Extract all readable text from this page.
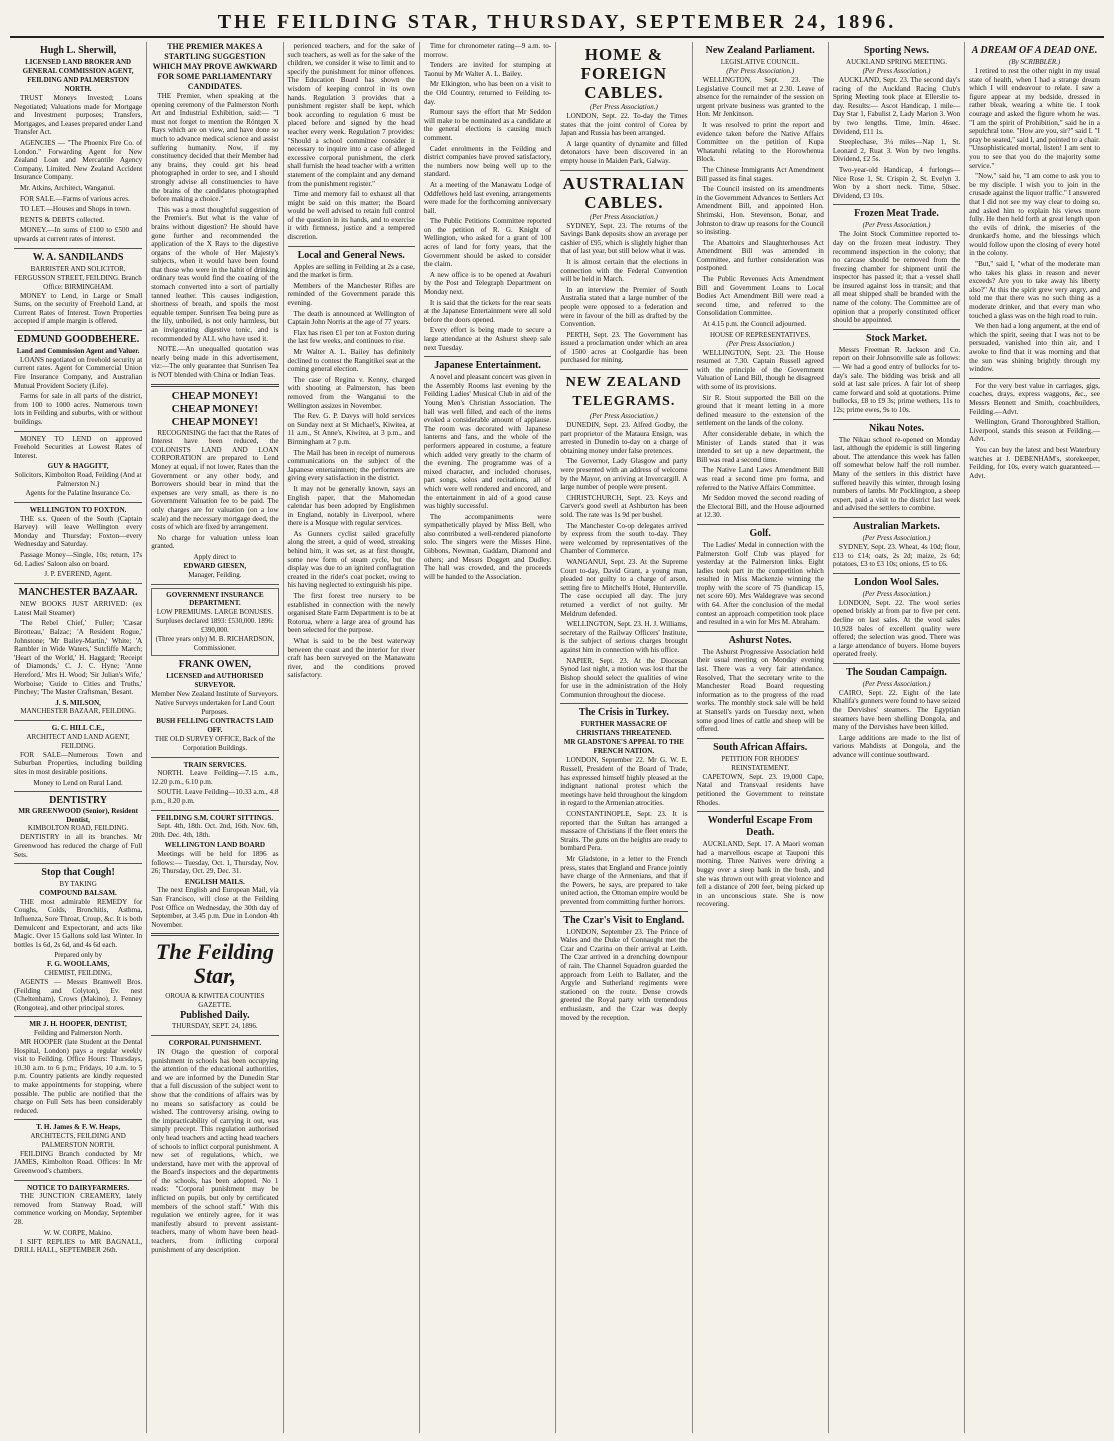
THE FEILDING STAR, THURSDAY, SEPTEMBER 24, 1896.
Hugh L. Sherwill,
LICENSED LAND BROKER AND GENERAL COMMISSION AGENT, FEILDING AND PALMERSTON NORTH.

TRUST Moneys Invested; Loans Negotiated; Valuations made for Mortgage and Investment purposes; Transfers, Mortgages, and Leases prepared under Land Transfer Act.

AGENCIES — "The Phoenix Fire Co. of London." Forwarding Agent for New Zealand Loan and Mercantile Agency Company, Limited. New Zealand Accident Insurance Company.

Mr. Atkins, Architect, Wanganui.

FOR SALE.—Farms of various acres.

TO LET.—Houses and Shops in town.

RENTS & DEBTS collected.

MONEY.—In sums of £100 to £500 and upwards at current rates of interest.

W. A. SANDILANDS
BARRISTER AND SOLICITOR, FERGUSSON STREET, FEILDING. Branch Office: BIRMINGHAM.

MONEY to Lend, in Large or Small Sums, on the security of Freehold Land, at Current Rates of Interest. Town Properties accepted if ample margin is offered.

EDMUND GOODBEHERE.
Land and Commission Agent and Valuer.

LOANS negotiated on freehold security at current rates. Agent for Commercial Union Fire Insurance Company, and Australian Mutual Provident Society (Life).

Farms for sale in all parts of the district, from 100 to 1000 acres. Numerous town lots in Feilding and suburbs, with or without buildings.

MONEY TO LEND on approved Freehold Securities at Lowest Rates of Interest.

GUY & HAGGITT,
Solicitors, Kimbolton Road, Feilding (And at Palmerston N.)
Agents for the Palatine Insurance Co.
WELLINGTON TO FOXTON.

THE s.s. Queen of the South (Captain Harvey) will leave Wellington every Monday and Thursday; Foxton—every Wednesday and Saturday.

Passage Money—Single, 10s; return, 17s 6d. Ladies' Saloon also on board.

J. P. EVEREND, Agent.
MANCHESTER BAZAAR.

NEW BOOKS JUST ARRIVED: (ex Latest Mail Steamer)

'The Rebel Chief,' Fuller; 'Cæsar Birotteau,' Balzac; 'A Resident Rogue,' Johnstone; 'Mr Bailey-Martin,' White; 'A Rambler in Wide Waters,' Sutcliffe March; 'Heart of the World,' H. Haggard; 'Receipt of Diamonds,' C. J. C. Hyne; 'Anne Hereford,' Mrs H. Wood; 'Sir Julian's Wife,' Worboise; 'Guide to Cities and Truths,' Pinchey; 'The Master Craftsman,' Besant.

J. S. MILSON,
MANCHESTER BAZAAR, FEILDING.
G. C. HILL C.E.,
ARCHITECT AND LAND AGENT, FEILDING.

FOR SALE—Numerous Town and Suburban Properties, including building sites in most desirable positions.

Money to Lend on Rural Land.
DENTISTRY
MR GREENWOOD (Senior), Resident Dentist,
KIMBOLTON ROAD, FEILDING.

DENTISTRY in all its branches. Mr Greenwood has reduced the charge of Full Sets.

Stop that Cough!
BY TAKING
COMPOUND BALSAM.

THE most admirable REMEDY for Coughs, Colds, Bronchitis, Asthma, Influenza, Sore Throat, Croup, &c. It is both Demulcent and Expectorant, and acts like Magic. Over 15 Gallons sold last Winter. In bottles 1s 6d, 2s 6d, and 4s 6d each.

Prepared only by
F. G. WOOLLAMS,
CHEMIST, FEILDING,

AGENTS — Messrs Bramwell Bros. (Feilding and Colyton), Ev. nest (Cheltenham), Crows (Makino), J. Fenney (Rongotea), and other principal stores.

MR J. H. HOOPER, DENTIST,
Feilding and Palmerston North.

MR HOOPER (late Student at the Dental Hospital, London) pays a regular weekly visit to Feilding. Office Hours: Thursdays, 10.30 a.m. to 6 p.m.; Fridays, 10 a.m. to 5 p.m. Country patients are kindly requested to make appointments for stopping, where possible. The public are notified that the charge on Full Sets has been considerably reduced.

T. H. James & F. W. Heaps,
ARCHITECTS, FEILDING AND PALMERSTON NORTH.

FEILDING Branch conducted by Mr JAMES, Kimbolton Road. Offices: In Mr Greenwood's chambers.

NOTICE TO DAIRYFARMERS.

THE JUNCTION CREAMERY, lately removed from Stanway Road, will commence working on Monday, September 28.

W. W. CORPE, Makino.

I SIFT REPLIES to MR BAGNALL, DRILL HALL, SEPTEMBER 26th.

THE PREMIER MAKES A STARTLING SUGGESTION WHICH MAY PROVE AWKWARD FOR SOME PARLIAMENTARY CANDIDATES.

THE Premier, when speaking at the opening ceremony of the Palmerston North Art and Industrial Exhibition, said:— "I must not forget to mention the Röntgen X Rays which are on view, and have done so much to advance medical science and assist suffering humanity. Now, if my constituency decided that their Member had any brains, they could get his head photographed in order to see, and I should strongly advise all constituencies to have the brains of the candidates photographed before making a choice."

This was a most thoughtful suggestion of the Premier's. But what is the value of brains without digestion? He should have gone further and recommended the application of the X Rays to the digestive organs of the whole of Her Majesty's subjects, when it would have been found that those who were in the habit of drinking ordinary teas would find the coating of the stomach converted into a sort of partially tanned leather. This causes indigestion, shortness of breath, and spoils the most equable temper. Sunrisen Tea being pure as the lily, unboiled, is not only harmless, but an invigorating digestive tonic, and is recommended by ALL who have used it.

NOTE.—An unequalled quotation was nearly being made in this advertisement, viz:—The only guarantee that Sunrisen Tea is NOT blended with China or Indian Teas.

CHEAP MONEY!
CHEAP MONEY!
CHEAP MONEY!

RECOGNISING the fact that the Rates of Interest have been reduced, the COLONISTS LAND AND LOAN CORPORATION are prepared to Lend Money at equal, if not lower, Rates than the Government or any other body, and Borrowers should bear in mind that the expenses are very small, as there is no Government Valuation fee to be paid. The only charges are for valuation (on a low scale) and the necessary mortgage deed, the costs of which are fixed by arrangement.

No charge for valuation unless loan granted.

Apply direct to
EDWARD GIESEN,
Manager, Feilding.
GOVERNMENT INSURANCE DEPARTMENT.
LOW PREMIUMS. LARGE BONUSES. Surpluses declared 1893: £530,000. 1896: £390,000.
(Three years only) M. B. RICHARDSON, Commissioner.
FRANK OWEN,
LICENSED and AUTHORISED SURVEYOR.
Member New Zealand Institute of Surveyors.
Native Surveys undertaken for Land Court Purposes.
BUSH FELLING CONTRACTS LAID OFF.
THE OLD SURVEY OFFICE, Back of the Corporation Buildings.
TRAIN SERVICES.

NORTH. Leave Feilding—7.15 a.m., 12.20 p.m., 6.10 p.m.

SOUTH. Leave Feilding—10.33 a.m., 4.8 p.m., 8.20 p.m.

FEILDING S.M. COURT SITTINGS.

Sept. 4th, 18th. Oct. 2nd, 16th. Nov. 6th, 20th. Dec. 4th, 18th.

WELLINGTON LAND BOARD

Meetings will be held for 1896 as follows:— Tuesday, Oct. 1, Thursday, Nov. 26; Thursday, Oct. 29, Dec. 31.

ENGLISH MAILS.

The next English and European Mail, via San Francisco, will close at the Feilding Post Office on Wednesday, the 30th day of September, at 3.45 p.m. Due in London 4th November.

The Feilding Star,
OROUA & KIWITEA COUNTIES GAZETTE.
Published Daily.
THURSDAY, SEPT. 24, 1896.
CORPORAL PUNISHMENT.

IN Otago the question of corporal punishment in schools has been occupying the attention of the educational authorities, and we are informed by the Dunedin Star that a full discussion of the subject went to show that the conditions of affairs was by no means so satisfactory as could be wished. The controversy arising, owing to the impracticability of carrying it out, was simply precept. This regulation authorised only head teachers and acting head teachers of schools to inflict corporal punishment. A new set of regulations, which, we understand, have met with the approval of the Board's inspectors and the departments of the schools, has been adopted. No 1 reads: "Corporal punishment may be inflicted on pupils, but only by certificated members of the school staff." With this regulation we entirely agree, for it was manifestly absurd to prevent assistant-teachers, many of whom have been head-teachers, from inflicting corporal punishment of any description.

perienced teachers, and for the sake of such teachers, as well as for the sake of the children, we consider it wise to limit and to specify the punishment for minor offences. The Education Board has shown the wisdom of keeping control in its own hands. Regulation 3 provides that a punishment register shall be kept, which book according to regulation 6 must be placed before and signed by the head teacher every week. Regulation 7 provides: "Should a school committee consider it necessary to inquire into a case of alleged excessive corporal punishment, the clerk shall furnish the head teacher with a written statement of the complaint and any demand from the punishment register."

Time and memory fail to exhaust all that might be said on this matter; the Board would be well advised to retain full control of the question in its hands, and to exercise it with firmness, justice and a tempered discretion.

Local and General News.

Apples are selling in Feilding at 2s a case, and the market is firm.

Members of the Manchester Rifles are reminded of the Government parade this evening.

The death is announced at Wellington of Captain John Norris at the age of 77 years.

Flax has risen £1 per ton at Foxton during the last few weeks, and continues to rise.

Mr Walter A. L. Bailey has definitely declined to contest the Rangitikei seat at the coming general election.

The case of Regina v. Kenny, charged with shooting at Palmerston, has been removed from the Wanganui to the Wellington assizes in November.

The Rev. G. P. Davys will hold services on Sunday next at St Michael's, Kiwitea, at 11 a.m., St Anne's, Kiwitea, at 3 p.m., and Birmingham at 7 p.m.

The Mail has been in receipt of numerous communications on the subject of the Japanese entertainment; the performers are giving every satisfaction in the district.

It may not be generally known, says an English paper, that the Mahomedan calendar has been adopted by Englishmen in England, notably in Liverpool, where there is a Mosque with regular services.

As Gunners cyclist sailed gracefully along the street, a quid of weed, streaking behind him, it was set, as at first thought, some new form of steam cycle, but the display was due to an ignited conflagration created in the rider's coat pocket, owing to his having neglected to extinguish his pipe.

The first forest tree nursery to be established in connection with the newly organised State Farm Department is to be at Rotorua, where a large area of ground has been selected for the purpose.

What is said to be the best waterway between the coast and the interior for river craft has been surveyed on the Manawatu river, and the conditions proved satisfactory.

Time for chronometer rating—9 a.m. to-morrow.

Tenders are invited for stumping at Taonui by Mr Walter A. L. Bailey.

Mr Elkington, who has been on a visit to the Old Country, returned to Feilding to-day.

Rumour says the effort that Mr Seddon will make to be nominated as a candidate at the general elections is causing much comment.

Cadet enrolments in the Feilding and district companies have proved satisfactory, the numbers now being well up to the standard.

At a meeting of the Manawatu Lodge of Oddfellows held last evening, arrangements were made for the forthcoming anniversary ball.

The Public Petitions Committee reported on the petition of R. G. Knight of Wellington, who asked for a grant of 100 acres of land for forty years, that the Government should be asked to consider the claim.

A new office is to be opened at Awahuri by the Post and Telegraph Department on Monday next.

It is said that the tickets for the rear seats at the Japanese Entertainment were all sold before the doors opened.

Every effort is being made to secure a large attendance at the Ashurst sheep sale next Tuesday.

Japanese Entertainment.

A novel and pleasant concert was given in the Assembly Rooms last evening by the Feilding Ladies' Musical Club in aid of the Young Men's Christian Association. The hall was well filled, and each of the items evoked a considerable amount of applause. The room was decorated with Japanese lanterns and fans, and the whole of the performers appeared in costume, a feature which added very greatly to the charm of the evening. The programme was of a mixed character, and included choruses, part songs, solos and recitations, all of which were well rendered and encored, and the entertainment in aid of a good cause was highly successful.

The accompaniments were sympathetically played by Miss Bell, who also contributed a well-rendered pianoforte solo. The singers were the Misses Hine, Gibbons, Newman, Gaddam, Diamond and others; and Messrs Doggett and Dudley. The hall was crowded, and the proceeds will be handed to the Association.

HOME & FOREIGN CABLES.
(Per Press Association.)

LONDON, Sept. 22. To-day the Times states that the joint control of Corea by Japan and Russia has been arranged.

A large quantity of dynamite and filled detonators have been discovered in an empty house in Maiden Park, Galway.

AUSTRALIAN CABLES.
(Per Press Association.)

SYDNEY, Sept. 23. The returns of the Savings Bank deposits show an average per cashier of £95, which is slightly higher than that of last year, but still below what it was.

It is almost certain that the elections in connection with the Federal Convention will be held in March.

In an interview the Premier of South Australia stated that a large number of the people were opposed to a federation and were in favour of the bill as drafted by the Convention.

PERTH, Sept. 23. The Government has issued a proclamation under which an area of 1500 acres at Coolgardie has been purchased for mining.

NEW ZEALAND TELEGRAMS.
(Per Press Association.)

DUNEDIN, Sept. 23. Alfred Godby, the part proprietor of the Mataura Ensign, was arrested in Dunedin to-day on a charge of obtaining money under false pretences.

The Governor, Lady Glasgow and party were presented with an address of welcome by the Mayor, on arriving at Invercargill. A large number of people were present.

CHRISTCHURCH, Sept. 23. Keys and Carver's good swell at Ashburton has been sold. The rate was 1s 9d per bushel.

The Manchester Co-op delegates arrived by express from the south to-day. They were welcomed by representatives of the Chamber of Commerce.

WANGANUI, Sept. 23. At the Supreme Court to-day, David Grant, a young man, pleaded not guilty to a charge of arson, setting fire to Mitchell's Hotel, Hunterville. The case occupied all day. The jury returned a verdict of not guilty. Mr Meldrum defended.

WELLINGTON, Sept. 23. H. J. Williams, secretary of the Railway Officers' Institute, is the subject of serious charges brought against him in connection with his office.

NAPIER, Sept. 23. At the Diocesan Synod last night, a motion was lost that the Bishop should select the qualities of wine for use in the administration of the Holy Communion throughout the diocese.

The Crisis in Turkey.
FURTHER MASSACRE OF CHRISTIANS THREATENED.
MR GLADSTONE'S APPEAL TO THE FRENCH NATION.

LONDON, September 22. Mr G. W. E. Russell, President of the Board of Trade, has expressed himself highly pleased at the indignant national protest which the meetings have held throughout the kingdom in regard to the Armenian atrocities.

CONSTANTINOPLE, Sept. 23. It is reported that the Sultan has arranged a massacre of Christians if the fleet enters the Straits. The guns on the heights are ready to bombard Pera.

Mr Gladstone, in a letter to the French press, states that England and France jointly have charge of the Armenians, and that if the Powers, he says, are prepared to take united action, the Ottoman empire would be prevented from committing further horrors.

The Czar's Visit to England.

LONDON, September 23. The Prince of Wales and the Duke of Connaught met the Czar and Czarina on their arrival at Leith. The Czar arrived in a drenching downpour of rain. The Channel Squadron guarded the approach from Leith to Ballater, and the Argyle and Sutherland regiments were stationed on the route. Dense crowds greeted the Royal party with tremendous enthusiasm, and the Czar was deeply moved by the reception.

New Zealand Parliament.
LEGISLATIVE COUNCIL.
(Per Press Association.)

WELLINGTON, Sept. 23. The Legislative Council met at 2.30. Leave of absence for the remainder of the session on urgent private business was granted to the Hon. Mr Jenkinson.

It was resolved to print the report and evidence taken before the Native Affairs Committee on the petition of Kupa Whatatuhi relating to the Horowhenua Block.

The Chinese Immigrants Act Amendment Bill passed its final stages.

The Council insisted on its amendments in the Government Advances to Settlers Act Amendment Bill, and appointed Hon. Shrimski, Hon. Stevenson, Bonar, and Johnston to draw up reasons for the Council so insisting.

The Abattoirs and Slaughterhouses Act Amendment Bill was amended in Committee, and further consideration was postponed.

The Public Revenues Acts Amendment Bill and Government Loans to Local Bodies Act Amendment Bill were read a second time, and referred to the Consolidation Committee.

At 4.15 p.m. the Council adjourned.

HOUSE OF REPRESENTATIVES.
(Per Press Association.)

WELLINGTON, Sept. 23. The House resumed at 7.30. Captain Russell agreed with the principle of the Government Valuation of Land Bill, though he disagreed with some of its provisions.

Sir R. Stout supported the Bill on the ground that it meant letting in a more defined measure to the extension of the settlement on the lands of the colony.

After considerable debate, in which the Minister of Lands stated that it was intended to set up a new department, the Bill was read a second time.

The Native Land Laws Amendment Bill was read a second time pro forma, and referred to the Native Affairs Committee.

Mr Seddon moved the second reading of the Electoral Bill, and the House adjourned at 12.30.

Golf.

The Ladies' Medal in connection with the Palmerston Golf Club was played for yesterday at the Palmerston links. Eight ladies took part in the competition which resulted in Miss Mackenzie winning the trophy with the score of 75 (handicap 15, net score 60). Mrs Waldegrave was second with 64. After the conclusion of the medal contest an approach competition took place and resulted in a win for Mrs M. Abraham.

Ashurst Notes.

The Ashurst Progressive Association held their usual meeting on Monday evening last. There was a very fair attendance. Resolved, That the secretary write to the Manchester Road Board requesting information as to the progress of the road works. The monthly stock sale will be held at Stansell's yards on Tuesday next, when some good lines of cattle and sheep will be offered.

South African Affairs.
PETITION FOR RHODES' REINSTATEMENT.

CAPETOWN, Sept. 23. 19,000 Cape, Natal and Transvaal residents have petitioned the Government to reinstate Rhodes.

Wonderful Escape From Death.

AUCKLAND, Sept. 17. A Maori woman had a marvellous escape at Tauponi this morning. Three Natives were driving a buggy over a steep bank in the bush, and she was thrown out with great violence and fell a distance of 200 feet, being picked up in an unconscious state. She is now recovering.

Sporting News.
AUCKLAND SPRING MEETING.
(Per Press Association.)

AUCKLAND, Sept. 23. The second day's racing of the Auckland Racing Club's Spring Meeting took place at Ellerslie to-day. Results:— Ascot Handicap, 1 mile—Day Star 1, Fabulist 2, Lady Marion 3. Won by two lengths. Time, 1min. 46sec. Dividend, £11 1s.

Steeplechase, 3¼ miles—Nap 1, St. Leonard 2, Ruat 3. Won by two lengths. Dividend, £2 5s.

Two-year-old Handicap, 4 furlongs—Nice Rose 1, St. Crispin 2, St. Evelyn 3. Won by a short neck. Time, 50sec. Dividend, £3 10s.

Frozen Meat Trade.
(Per Press Association.)

The Joint Stock Committee reported to-day on the frozen meat industry. They recommend inspection in the colony; that no carcase should be removed from the freezing chamber for shipment until the inspector has passed it; that a vessel shall be insured against loss in transit; and that all meat shipped shall be branded with the name of the colony. The Committee are of opinion that a properly constituted officer should be appointed.

Stock Market.

Messrs Freeman R. Jackson and Co. report on their Johnsonville sale as follows:— We had a good entry of bullocks for to-day's sale. The bidding was brisk and all sold at last sale prices. A fair lot of sheep came forward and sold at quotations. Prime bullocks, £8 to £9 3s; prime wethers, 11s to 12s; prime ewes, 9s to 10s.

Nikau Notes.

The Nikau school re-opened on Monday last, although the epidemic is still lingering about. The attendance this week has fallen off somewhat below half the roll number. Many of the settlers in this district have suffered heavily this winter, through losing numbers of lambs. Mr Pocklington, a sheep expert, paid a visit to the district last week and advised the settlers to combine.

Australian Markets.
(Per Press Association.)

SYDNEY, Sept. 23. Wheat, 4s 10d; flour, £13 to £14; oats, 2s 2d; maize, 2s 6d; potatoes, £3 to £3 10s; onions, £5 to £6.

London Wool Sales.
(Per Press Association.)

LONDON, Sept. 22. The wool series opened briskly at from par to five per cent. decline on last sales. At the wool sales 10,928 bales of excellent quality were offered; the selection was good. There was a large attendance of buyers. Home buyers operated freely.

The Soudan Campaign.
(Per Press Association.)

CAIRO, Sept. 22. Eight of the late Khalifa's gunners were found to have seized the Dervishes' steamers. The Egyptian steamers have been shelling Dongola, and many of the Dervishes have been killed.

Large additions are made to the list of various Mahdists at Dongola, and the advance will continue southward.

A DREAM OF A DEAD ONE.
(By SCRIBBLER.)

I retired to rest the other night in my usual state of health, when I had a strange dream which I will endeavour to relate. I saw a figure appear at my bedside, dressed in rather bleak, wearing a white tie. I took courage and asked the figure whom he was. "I am the spirit of Prohibition," said he in a sepulchral tone. "How are you, sir?" said I. "I pray be seated," said I, and pointed to a chair. "Unsophisticated mortal, listen! I am sent to you to see that you do the majority some service."

"Now," said he, "I am come to ask you to be my disciple. I wish you to join in the crusade against the liquor traffic." I answered that I did not see my way clear to doing so, and asked him to explain his views more fully. He then held forth at great length upon the evils of drink, the miseries of the drunkard's home, and the blessings which would follow upon the closing of every hotel in the colony.

"But," said I, "what of the moderate man who takes his glass in reason and never exceeds? Are you to take away his liberty also?" At this the spirit grew very angry, and told me that there was no such thing as a moderate drinker, and that every man who touched a glass was on the high road to ruin.

We then had a long argument, at the end of which the spirit, seeing that I was not to be persuaded, vanished into thin air, and I awoke to find that it was morning and that the sun was shining brightly through my window.

For the very best value in carriages, gigs, coaches, drays, express waggons, &c., see Messrs Bennett and Smith, coachbuilders, Feilding.—Advt.

Wellington, Grand Thoroughbred Stallion, Liverpool, stands this season at Feilding.—Advt.

You can buy the latest and best Waterbury watches at J. DEBENHAM's, storekeeper, Feilding, for 10s, every watch guaranteed.—Advt.
